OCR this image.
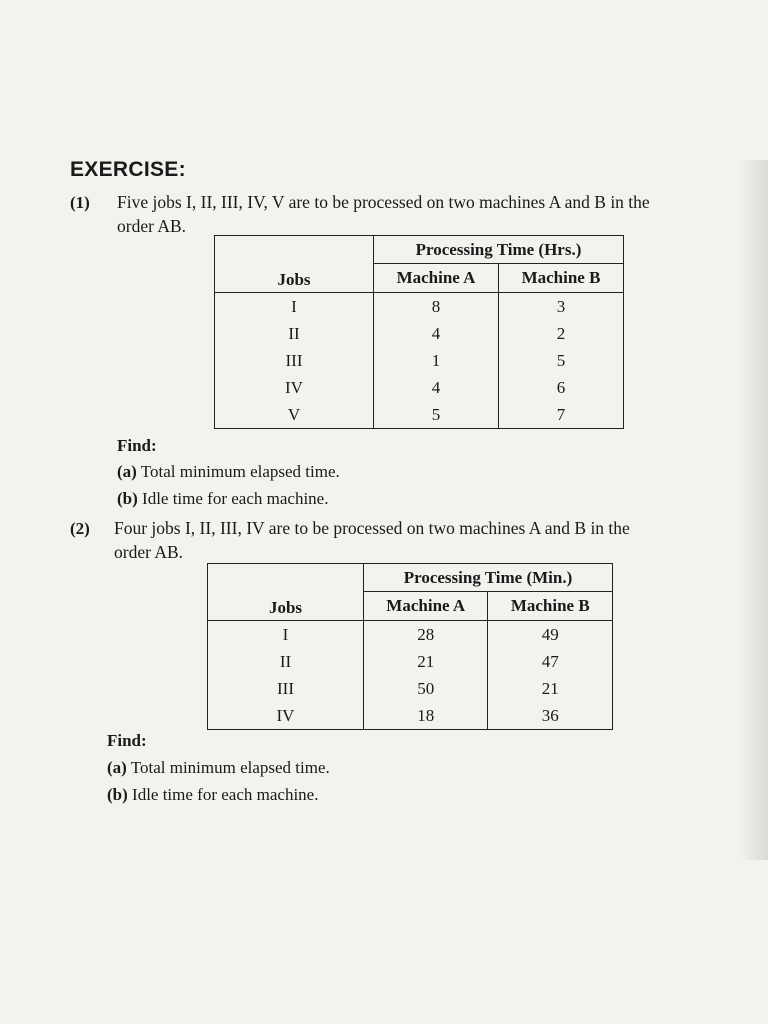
EXERCISE:
(1) Five jobs I, II, III, IV, V are to be processed on two machines A and B in the
order AB.
Jobs	Processing Time (Hrs.)	
	Machine A	Machine B
I	8	3
II	4	2
III	1	5
IV	4	6
V	5	7
Find:
(a) Total minimum elapsed time.
(b) Idle time for each machine.
(2) Four jobs I, II, III, IV are to be processed on two machines A and B in the
order AB.
Jobs	Processing Time (Min.)	
	Machine A	Machine B
I	28	49
II	21	47
III	50	21
IV	18	36
Find:
(a) Total minimum elapsed time.
(b) Idle time for each machine.
